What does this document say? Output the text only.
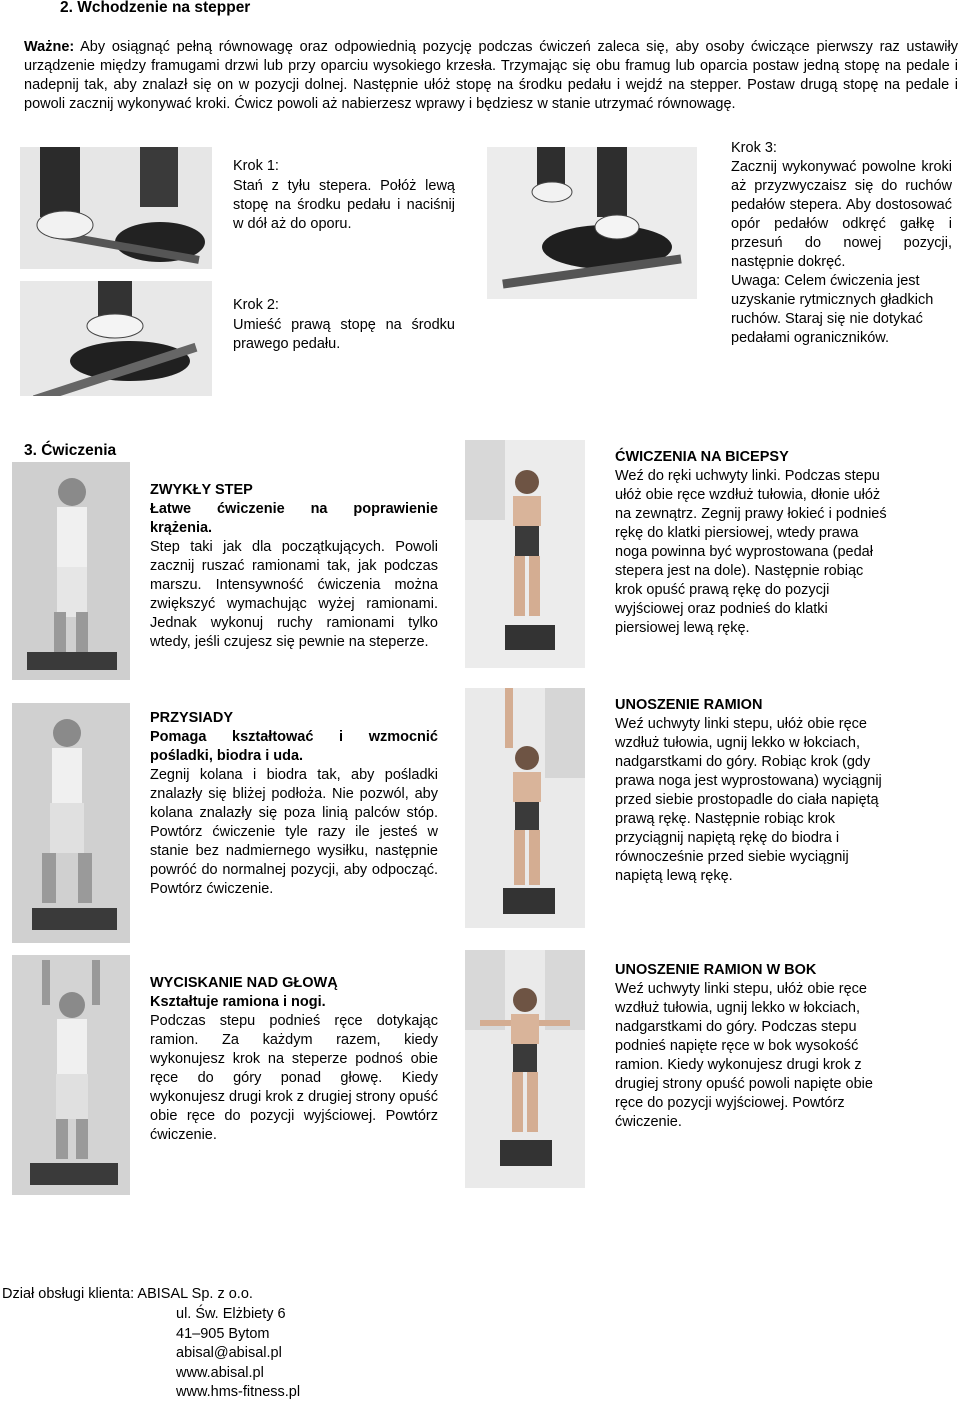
2. Wchodzenie na stepper
Ważne: Aby osiągnąć pełną równowagę oraz odpowiednią pozycję podczas ćwiczeń zaleca się, aby osoby ćwiczące pierwszy raz ustawiły urządzenie między framugami drzwi lub przy oparciu wysokiego krzesła. Trzymając się obu framug lub oparcia postaw jedną stopę na pedale i nadepnij tak, aby znalazł się on w pozycji dolnej. Następnie ułóż stopę na środku pedału i wejdź na stepper. Postaw drugą stopę na pedale i powoli zacznij wykonywać kroki. Ćwicz powoli aż nabierzesz wprawy i będziesz w stanie utrzymać równowagę.
Krok 1:
Stań z tyłu stepera. Połóż lewą stopę na środku pedału i naciśnij w dół aż do oporu.
Krok 2:
Umieść prawą stopę na środku prawego pedału.
Krok 3:
Zacznij wykonywać powolne kroki aż przyzwyczaisz się do ruchów pedałów stepera. Aby dostosować opór pedałów odkręć gałkę i przesuń do nowej pozycji, następnie dokręć.
Uwaga: Celem ćwiczenia jest uzyskanie rytmicznych gładkich ruchów. Staraj się nie dotykać pedałami ograniczników.
3. Ćwiczenia

ZWYKŁY STEP

Łatwe ćwiczenie na poprawienie krążenia.

Step taki jak dla początkujących. Powoli zacznij ruszać ramionami tak, jak podczas marszu. Intensywność ćwiczenia można zwiększyć wymachując wyżej ramionami. Jednak wykonuj ruchy ramionami tylko wtedy, jeśli czujesz się pewnie na steperze.

PRZYSIADY

Pomaga kształtować i wzmocnić pośladki, biodra i uda.

Zegnij kolana i biodra tak, aby pośladki znalazły się bliżej podłoża. Nie pozwól, aby kolana znalazły się poza linią palców stóp. Powtórz ćwiczenie tyle razy ile jesteś w stanie bez nadmiernego wysiłku, następnie powróć do normalnej pozycji, aby odpocząć. Powtórz ćwiczenie.

WYCISKANIE NAD GŁOWĄ

Kształtuje ramiona i nogi.

Podczas stepu podnieś ręce dotykając ramion. Za każdym razem, kiedy wykonujesz krok na steperze podnoś obie ręce do góry ponad głowę. Kiedy wykonujesz drugi krok z drugiej strony opuść obie ręce do pozycji wyjściowej. Powtórz ćwiczenie.

ĆWICZENIA NA BICEPSY

Weź do ręki uchwyty linki. Podczas stepu ułóż obie ręce wzdłuż tułowia, dłonie ułóż na zewnątrz. Zegnij prawy łokieć i podnieś rękę do klatki piersiowej, wtedy prawa noga powinna być wyprostowana (pedał stepera jest na dole). Następnie robiąc krok opuść prawą rękę do pozycji wyjściowej oraz podnieś do klatki piersiowej lewą rękę.

UNOSZENIE RAMION

Weź uchwyty linki stepu, ułóż obie ręce wzdłuż tułowia, ugnij lekko w łokciach, nadgarstkami do góry. Robiąc krok (gdy prawa noga jest wyprostowana) wyciągnij przed siebie prostopadle do ciała napiętą prawą rękę. Następnie robiąc krok przyciągnij napiętą rękę do biodra i równocześnie przed siebie wyciągnij napiętą lewą rękę.

UNOSZENIE RAMION W BOK

Weź uchwyty linki stepu, ułóż obie ręce wzdłuż tułowia, ugnij lekko w łokciach, nadgarstkami do góry. Podczas stepu podnieś napięte ręce w bok wysokość ramion. Kiedy wykonujesz drugi krok z drugiej strony opuść powoli napięte obie ręce do pozycji wyjściowej. Powtórz ćwiczenie.

Dział obsługi klienta: ABISAL Sp. z o.o.
ul. Św. Elżbiety 6
41–905 Bytom
abisal@abisal.pl
www.abisal.pl
www.hms-fitness.pl
